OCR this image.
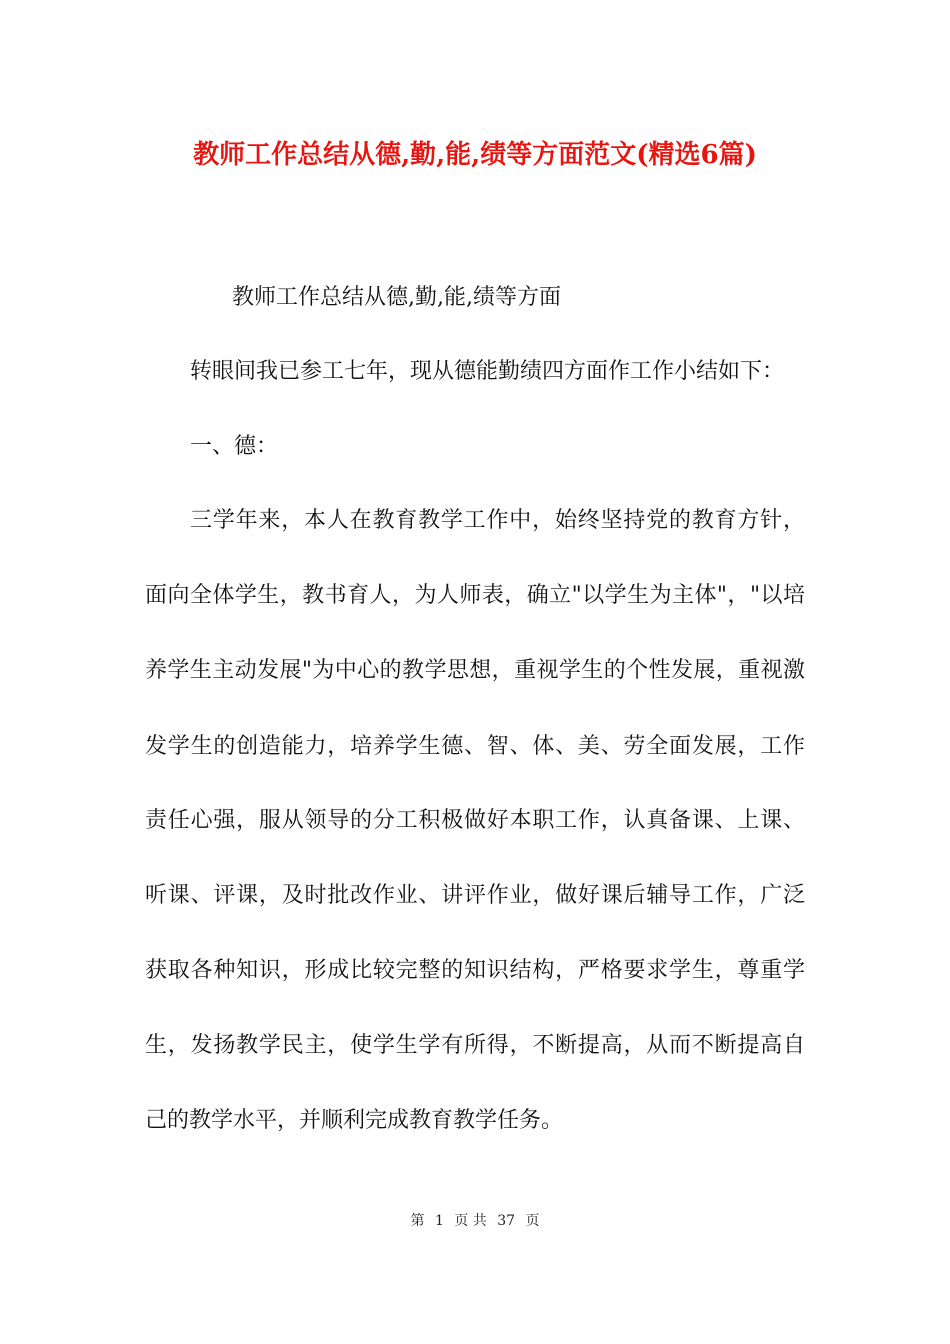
教师工作总结从德,勤,能,绩等方面范文(精选6篇)
教师工作总结从德,勤,能,绩等方面
转眼间我已参工七年，现从德能勤绩四方面作工作小结如下：
一、德：
三学年来，本人在教育教学工作中，始终坚持党的教育方针，
面向全体学生，教书育人，为人师表，确立"以学生为主体"，"以培
养学生主动发展"为中心的教学思想，重视学生的个性发展，重视激
发学生的创造能力，培养学生德、智、体、美、劳全面发展，工作
责任心强，服从领导的分工积极做好本职工作，认真备课、上课、
听课、评课，及时批改作业、讲评作业，做好课后辅导工作，广泛
获取各种知识，形成比较完整的知识结构，严格要求学生，尊重学
生，发扬教学民主，使学生学有所得，不断提高，从而不断提高自
己的教学水平，并顺利完成教育教学任务。
第 1 页 共 37 页
